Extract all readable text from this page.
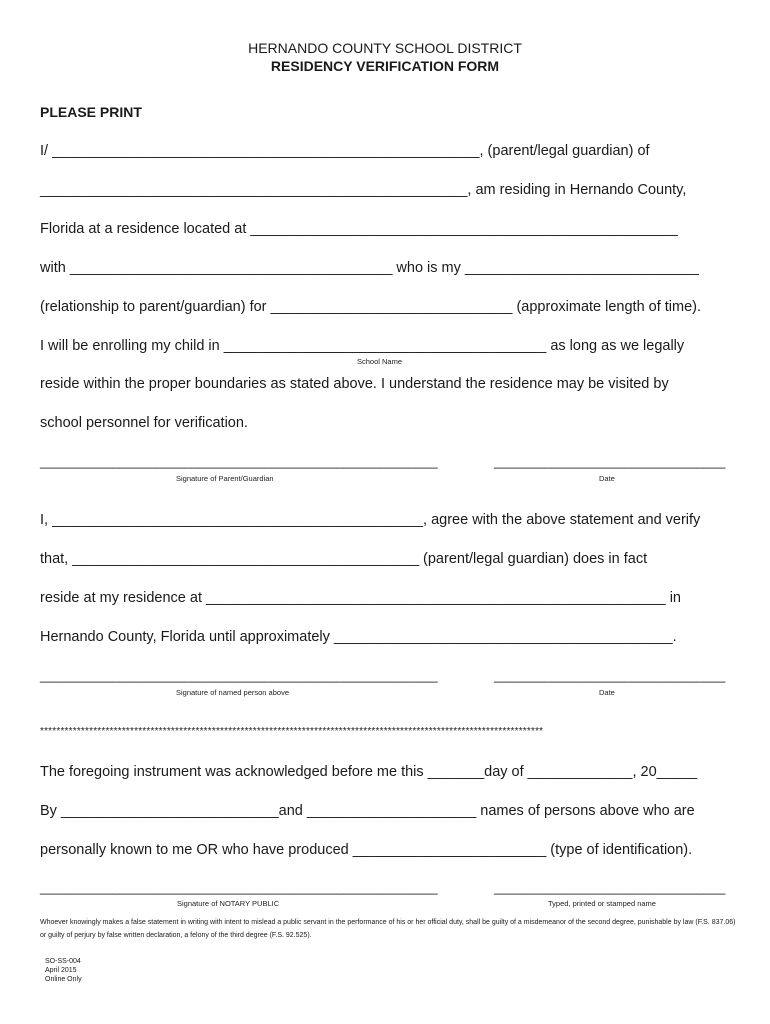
HERNANDO COUNTY SCHOOL DISTRICT
RESIDENCY VERIFICATION FORM
PLEASE PRINT
I/ _____________________________________________________, (parent/legal guardian) of
_____________________________________________________, am residing in Hernando County,
Florida at a residence located at _____________________________________________________
with ________________________________________ who is my _____________________________
(relationship to parent/guardian) for ______________________________ (approximate length of time).
I will be enrolling my child in ________________________________________ as long as we legally
School Name
reside within the proper boundaries as stated above. I understand the residence may be visited by
school personnel for verification.
_______________________________________________________	________________________________
Signature of Parent/Guardian	Date
I, ______________________________________________, agree with the above statement and verify
that, ___________________________________________ (parent/legal guardian) does in fact
reside at my residence at _________________________________________________________ in
Hernando County, Florida until approximately __________________________________________.
_______________________________________________________	________________________________
Signature of named person above	Date
***************************************************************************************************************************
The foregoing instrument was acknowledged before me this _______day of _____________, 20_____
By ___________________________and _____________________ names of persons above who are
personally known to me OR who have produced ________________________ (type of identification).
_______________________________________________________	________________________________
Signature of NOTARY PUBLIC	Typed, printed or stamped name
Whoever knowingly makes a false statement in writing with intent to mislead a public servant in the performance of his or her official duty, shall be guilty of a misdemeanor of the second degree, punishable by law (F.S. 837.06) or guilty of perjury by false written declaration, a felony of the third degree (F.S. 92.525).
SO-SS-004
April 2015
Online Only
